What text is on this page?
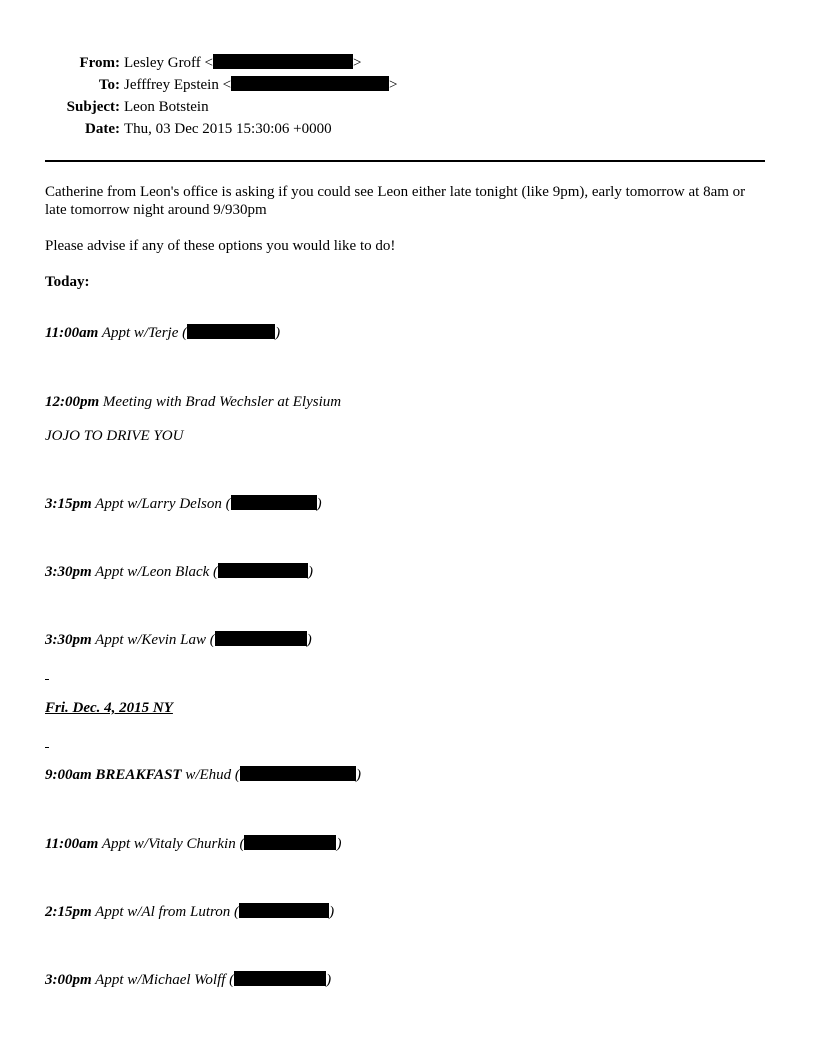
From: Lesley Groff <	>
To: Jefffrey Epstein <	>
Subject: Leon Botstein
Date: Thu, 03 Dec 2015 15:30:06 +0000
Catherine from Leon's office is asking if you could see Leon either late tonight (like 9pm), early tomorrow at 8am or late tomorrow night around 9/930pm
Please advise if any of these options you would like to do!
Today:
11:00am Appt w/Terje (	)
12:00pm Meeting with Brad Wechsler at Elysium
JOJO TO DRIVE YOU
3:15pm Appt w/Larry Delson (	)
3:30pm Appt w/Leon Black (	)
3:30pm Appt w/Kevin Law (	)
Fri. Dec. 4, 2015 NY
9:00am BREAKFAST w/Ehud (	)
11:00am Appt w/Vitaly Churkin (	)
2:15pm Appt w/Al from Lutron (	)
3:00pm Appt w/Michael Wolff (	)
